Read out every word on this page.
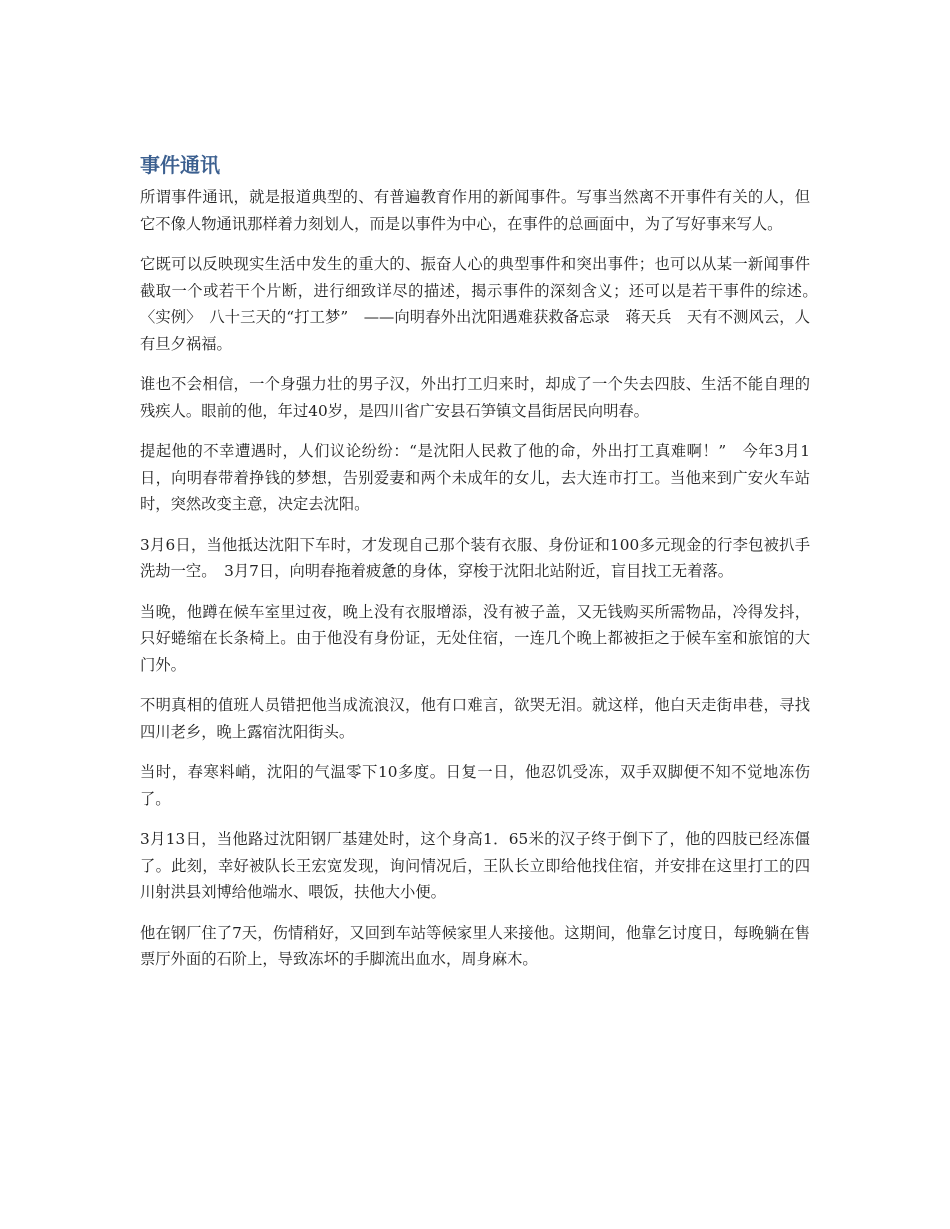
事件通讯

所谓事件通讯，就是报道典型的、有普遍教育作用的新闻事件。写事当然离不开事件有关的人，但它不像人物通讯那样着力刻划人，而是以事件为中心，在事件的总画面中，为了写好事来写人。

它既可以反映现实生活中发生的重大的、振奋人心的典型事件和突出事件；也可以从某一新闻事件截取一个或若干个片断，进行细致详尽的描述，揭示事件的深刻含义；还可以是若干事件的综述。　〈实例〉　八十三天的“打工梦”　——向明春外出沈阳遇难获救备忘录　蒋天兵　天有不测风云，人有旦夕祸福。

谁也不会相信，一个身强力壮的男子汉，外出打工归来时，却成了一个失去四肢、生活不能自理的残疾人。眼前的他，年过40岁，是四川省广安县石笋镇文昌街居民向明春。

提起他的不幸遭遇时，人们议论纷纷：“是沈阳人民救了他的命，外出打工真难啊！”　今年3月1日，向明春带着挣钱的梦想，告别爱妻和两个未成年的女儿，去大连市打工。当他来到广安火车站时，突然改变主意，决定去沈阳。

3月6日，当他抵达沈阳下车时，才发现自己那个装有衣服、身份证和100多元现金的行李包被扒手洗劫一空。　3月7日，向明春拖着疲惫的身体，穿梭于沈阳北站附近，盲目找工无着落。

当晚，他蹲在候车室里过夜，晚上没有衣服增添，没有被子盖，又无钱购买所需物品，冷得发抖，只好蜷缩在长条椅上。由于他没有身份证，无处住宿，一连几个晚上都被拒之于候车室和旅馆的大门外。

不明真相的值班人员错把他当成流浪汉，他有口难言，欲哭无泪。就这样，他白天走街串巷，寻找四川老乡，晚上露宿沈阳街头。

当时，春寒料峭，沈阳的气温零下10多度。日复一日，他忍饥受冻，双手双脚便不知不觉地冻伤了。

3月13日，当他路过沈阳钢厂基建处时，这个身高1．65米的汉子终于倒下了，他的四肢已经冻僵了。此刻，幸好被队长王宏宽发现，询问情况后，王队长立即给他找住宿，并安排在这里打工的四川射洪县刘博给他端水、喂饭，扶他大小便。

他在钢厂住了7天，伤情稍好，又回到车站等候家里人来接他。这期间，他靠乞讨度日，每晚躺在售票厅外面的石阶上，导致冻坏的手脚流出血水，周身麻木。
